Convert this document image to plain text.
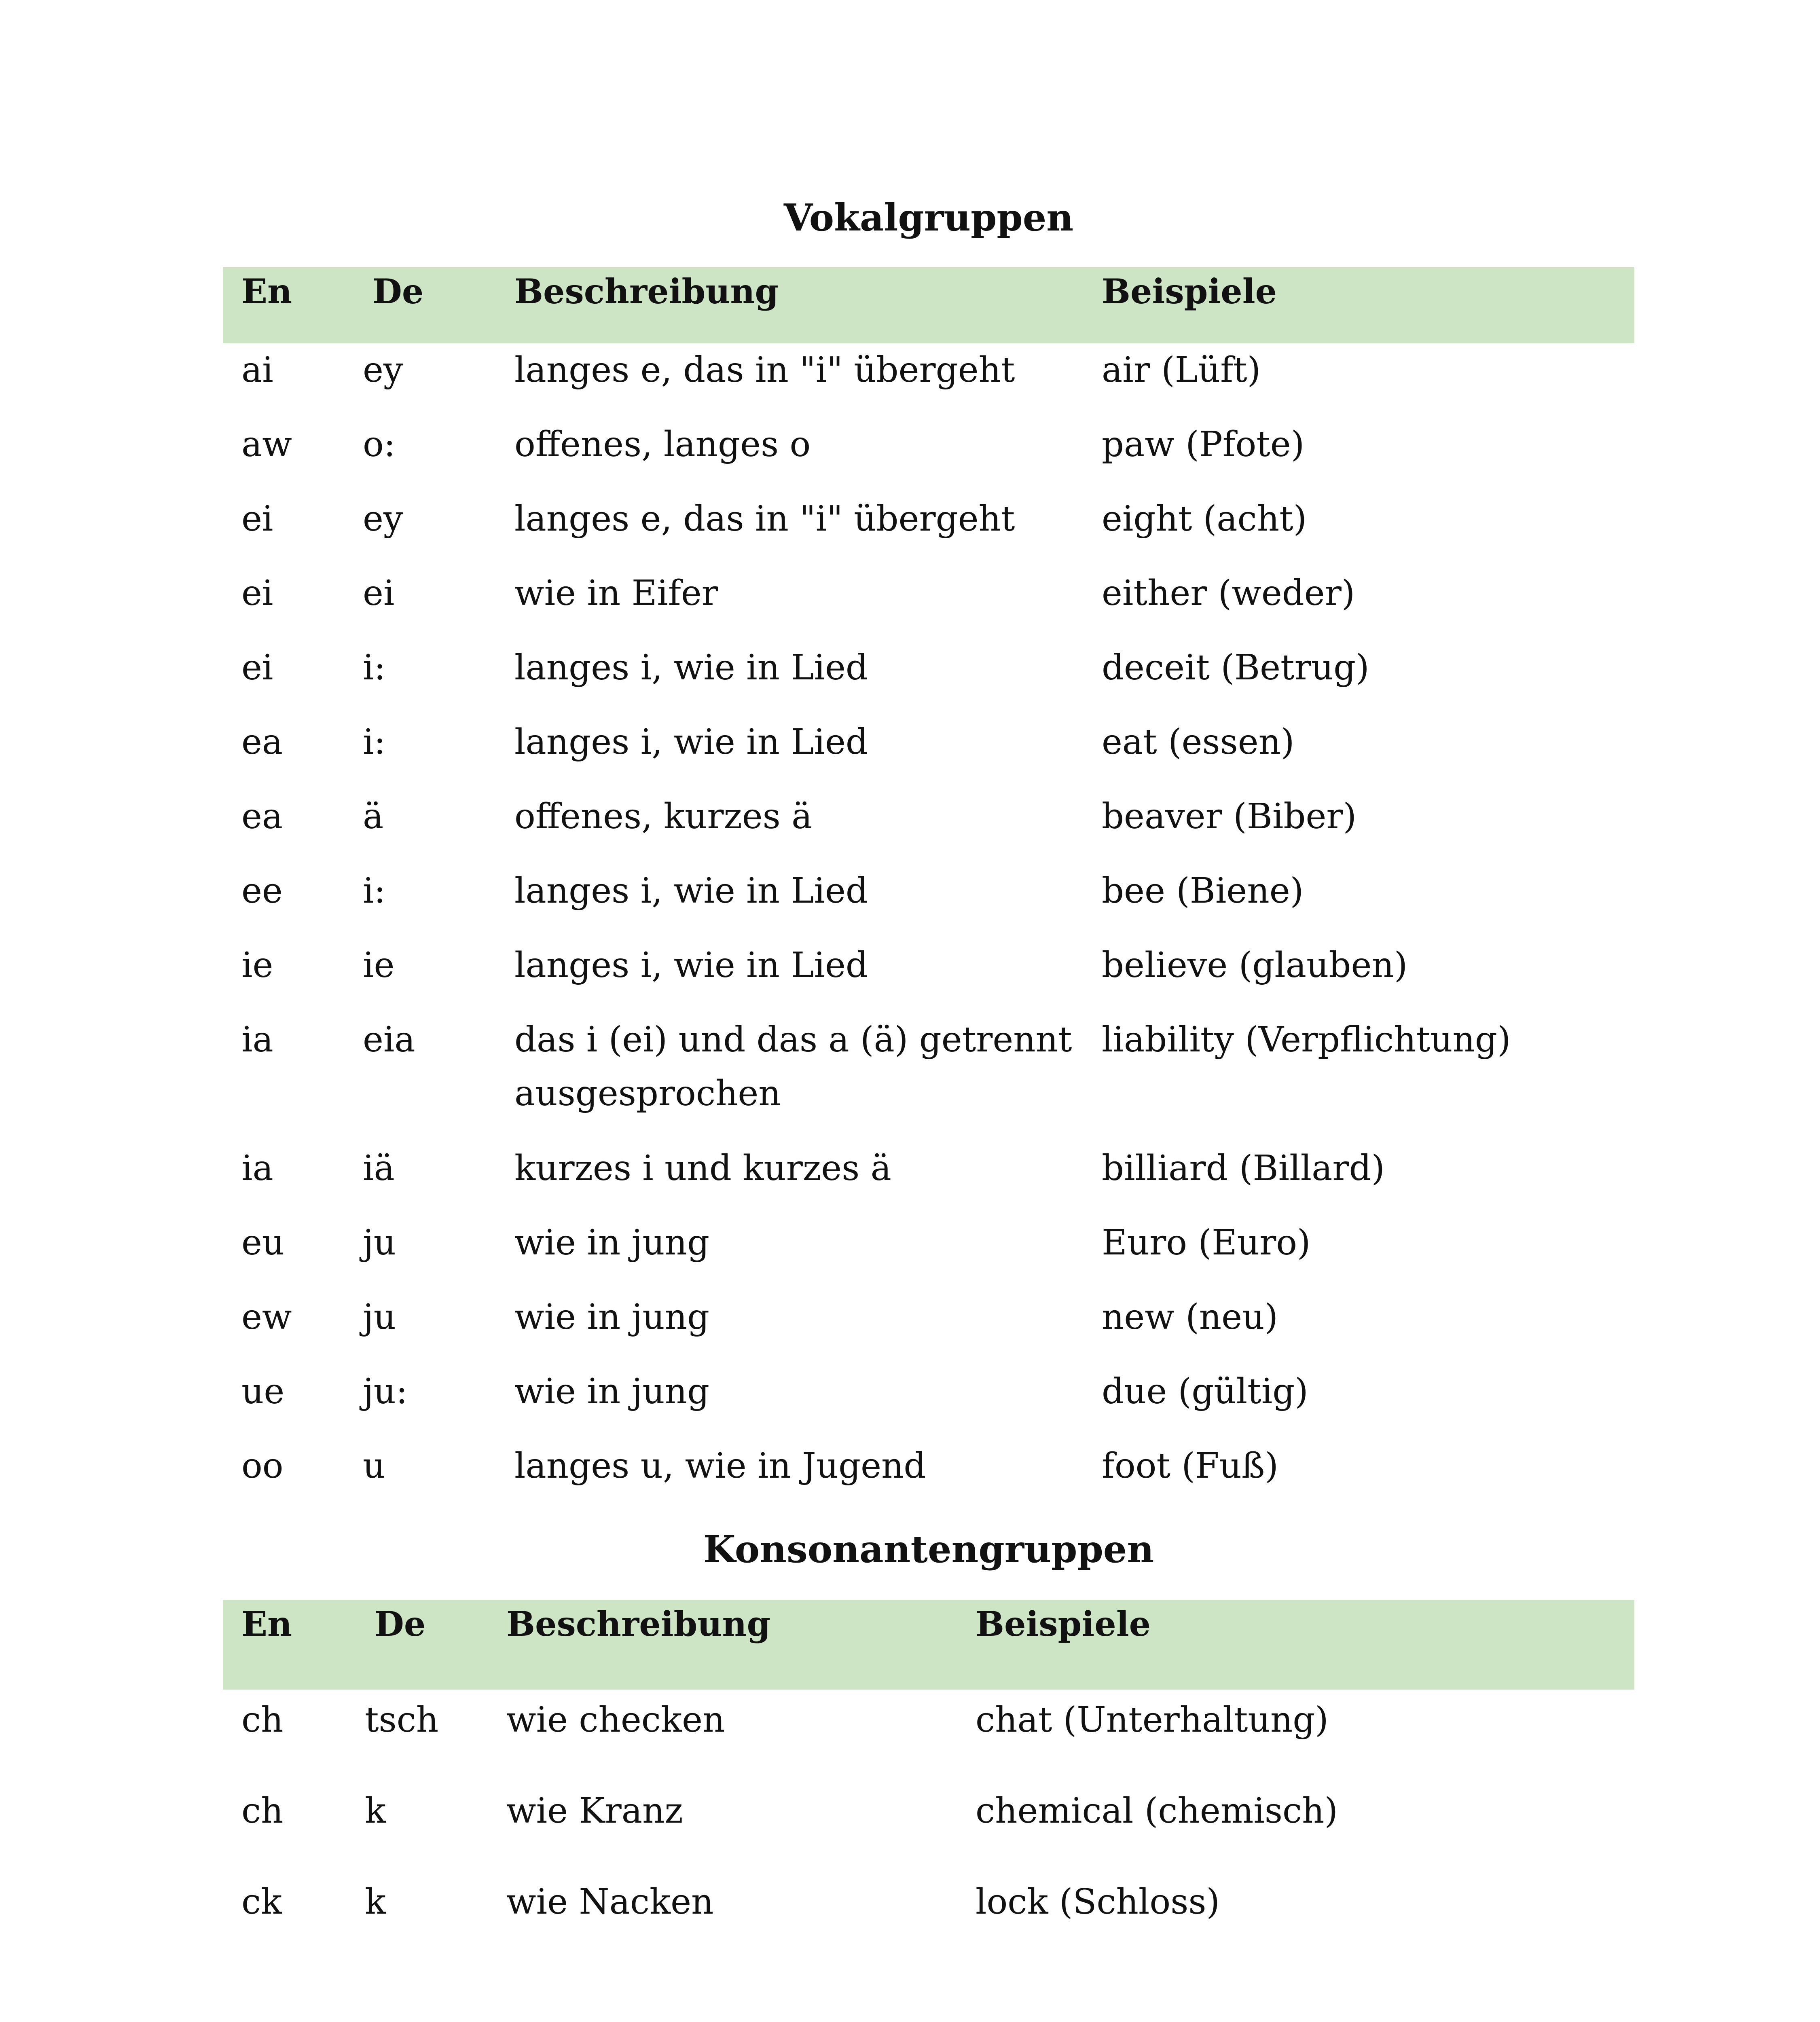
Vokalgruppen
En	De	Beschreibung	Beispiele
ai	ey	langes e, das in "i" übergeht	air (Lüft)
aw	o:	offenes, langes o	paw (Pfote)
ei	ey	langes e, das in "i" übergeht	eight (acht)
ei	ei	wie in Eifer	either (weder)
ei	i:	langes i, wie in Lied	deceit (Betrug)
ea	i:	langes i, wie in Lied	eat (essen)
ea	ä	offenes, kurzes ä	beaver (Biber)
ee	i:	langes i, wie in Lied	bee (Biene)
ie	ie	langes i, wie in Lied	believe (glauben)
ia	eia	das i (ei) und das a (ä) getrennt ausgesprochen	liability (Verpflichtung)
ia	iä	kurzes i und kurzes ä	billiard (Billard)
eu	ju	wie in jung	Euro (Euro)
ew	ju	wie in jung	new (neu)
ue	ju:	wie in jung	due (gültig)
oo	u	langes u, wie in Jugend	foot (Fuß)
Konsonantengruppen
En	De	Beschreibung	Beispiele
ch	tsch	wie checken	chat (Unterhaltung)
ch	k	wie Kranz	chemical (chemisch)
ck	k	wie Nacken	lock (Schloss)
